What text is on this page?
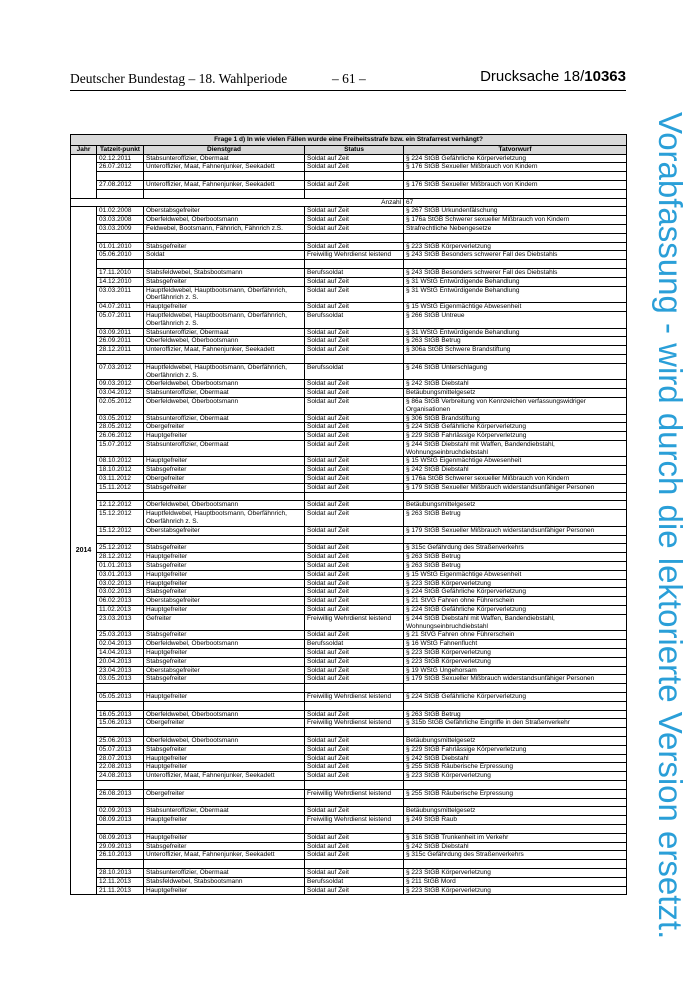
Deutscher Bundestag – 18. Wahlperiode	– 61 –	Drucksache 18/10363
Vorabfassung - wird durch die lektorierte Version ersetzt.
Frage 1 d) In wie vielen Fällen wurde eine Freiheitsstrafe bzw. ein Strafarrest verhängt?				
Jahr	Tatzeit-punkt	Dienstgrad	Status	Tatvorwurf
	02.12.2011	Stabsunteroffizier, Obermaat	Soldat auf Zeit	§ 224 StGB Gefährliche Körperverletzung
	26.07.2012	Unteroffizier, Maat, Fahnenjunker, Seekadett	Soldat auf Zeit	§ 176 StGB Sexueller Mißbrauch von Kindern

	27.08.2012	Unteroffizier, Maat, Fahnenjunker, Seekadett	Soldat auf Zeit	§ 176 StGB Sexueller Mißbrauch von Kindern

Anzahl				67
2014	01.02.2008	Oberstabsgefreiter	Soldat auf Zeit	§ 267 StGB Urkundenfälschung
	03.03.2008	Oberfeldwebel, Oberbootsmann	Soldat auf Zeit	§ 176a StGB Schwerer sexueller Mißbrauch von Kindern
	03.03.2009	Feldwebel, Bootsmann, Fähnrich, Fähnrich z.S.	Soldat auf Zeit	Strafrechtliche Nebengesetze

	01.01.2010	Stabsgefreiter	Soldat auf Zeit	§ 223 StGB Körperverletzung
	05.06.2010	Soldat	Freiwillig Wehrdienst leistend	§ 243 StGB Besonders schwerer Fall des Diebstahls

	17.11.2010	Stabsfeldwebel, Stabsbootsmann	Berufssoldat	§ 243 StGB Besonders schwerer Fall des Diebstahls
	14.12.2010	Stabsgefreiter	Soldat auf Zeit	§ 31 WStG Entwürdigende Behandlung
	03.03.2011	Hauptfeldwebel, Hauptbootsmann, Oberfähnrich, Oberfähnrich z. S.	Soldat auf Zeit	§ 31 WStG Entwürdigende Behandlung
	04.07.2011	Hauptgefreiter	Soldat auf Zeit	§ 15 WStG Eigenmächtige Abwesenheit
	05.07.2011	Hauptfeldwebel, Hauptbootsmann, Oberfähnrich, Oberfähnrich z. S.	Berufssoldat	§ 266 StGB Untreue
	03.09.2011	Stabsunteroffizier, Obermaat	Soldat auf Zeit	§ 31 WStG Entwürdigende Behandlung
	26.09.2011	Oberfeldwebel, Oberbootsmann	Soldat auf Zeit	§ 263 StGB Betrug
	28.12.2011	Unteroffizier, Maat, Fahnenjunker, Seekadett	Soldat auf Zeit	§ 306a StGB Schwere Brandstiftung

	07.03.2012	Hauptfeldwebel, Hauptbootsmann, Oberfähnrich, Oberfähnrich z. S.	Berufssoldat	§ 246 StGB Unterschlagung
	09.03.2012	Oberfeldwebel, Oberbootsmann	Soldat auf Zeit	§ 242 StGB Diebstahl
	03.04.2012	Stabsunteroffizier, Obermaat	Soldat auf Zeit	Betäubungsmittelgesetz
	02.05.2012	Oberfeldwebel, Oberbootsmann	Soldat auf Zeit	§ 86a StGB Verbreitung von Kennzeichen verfassungswidriger Organisationen
	03.05.2012	Stabsunteroffizier, Obermaat	Soldat auf Zeit	§ 306 StGB Brandstiftung
	28.05.2012	Obergefreiter	Soldat auf Zeit	§ 224 StGB Gefährliche Körperverletzung
	26.06.2012	Hauptgefreiter	Soldat auf Zeit	§ 229 StGB Fahrlässige Körperverletzung
	15.07.2012	Stabsunteroffizier, Obermaat	Soldat auf Zeit	§ 244 StGB Diebstahl mit Waffen, Bandendiebstahl, Wohnungseinbruchdiebstahl
	08.10.2012	Hauptgefreiter	Soldat auf Zeit	§ 15 WStG Eigenmächtige Abwesenheit
	18.10.2012	Stabsgefreiter	Soldat auf Zeit	§ 242 StGB Diebstahl
	03.11.2012	Obergefreiter	Soldat auf Zeit	§ 176a StGB Schwerer sexueller Mißbrauch von Kindern
	15.11.2012	Stabsgefreiter	Soldat auf Zeit	§ 179 StGB Sexueller Mißbrauch widerstandsunfähiger Personen

	12.12.2012	Oberfeldwebel, Oberbootsmann	Soldat auf Zeit	Betäubungsmittelgesetz
	15.12.2012	Hauptfeldwebel, Hauptbootsmann, Oberfähnrich, Oberfähnrich z. S.	Soldat auf Zeit	§ 263 StGB Betrug
	15.12.2012	Oberstabsgefreiter	Soldat auf Zeit	§ 179 StGB Sexueller Mißbrauch widerstandsunfähiger Personen

	25.12.2012	Stabsgefreiter	Soldat auf Zeit	§ 315c Gefährdung des Straßenverkehrs
	28.12.2012	Hauptgefreiter	Soldat auf Zeit	§ 263 StGB Betrug
	01.01.2013	Stabsgefreiter	Soldat auf Zeit	§ 263 StGB Betrug
	03.01.2013	Hauptgefreiter	Soldat auf Zeit	§ 15 WStG Eigenmächtige Abwesenheit
	03.02.2013	Hauptgefreiter	Soldat auf Zeit	§ 223 StGB Körperverletzung
	03.02.2013	Stabsgefreiter	Soldat auf Zeit	§ 224 StGB Gefährliche Körperverletzung
	06.02.2013	Oberstabsgefreiter	Soldat auf Zeit	§ 21 StVG Fahren ohne Führerschein
	11.02.2013	Hauptgefreiter	Soldat auf Zeit	§ 224 StGB Gefährliche Körperverletzung
	23.03.2013	Gefreiter	Freiwillig Wehrdienst leistend	§ 244 StGB Diebstahl mit Waffen, Bandendiebstahl, Wohnungseinbruchdiebstahl
	25.03.2013	Stabsgefreiter	Soldat auf Zeit	§ 21 StVG Fahren ohne Führerschein
	02.04.2013	Oberfeldwebel, Oberbootsmann	Berufssoldat	§ 16 WStG Fahnenflucht
	14.04.2013	Hauptgefreiter	Soldat auf Zeit	§ 223 StGB Körperverletzung
	20.04.2013	Stabsgefreiter	Soldat auf Zeit	§ 223 StGB Körperverletzung
	23.04.2013	Oberstabsgefreiter	Soldat auf Zeit	§ 19 WStG Ungehorsam
	03.05.2013	Stabsgefreiter	Soldat auf Zeit	§ 179 StGB Sexueller Mißbrauch widerstandsunfähiger Personen

	05.05.2013	Hauptgefreiter	Freiwillig Wehrdienst leistend	§ 224 StGB Gefährliche Körperverletzung

	16.05.2013	Oberfeldwebel, Oberbootsmann	Soldat auf Zeit	§ 263 StGB Betrug
	15.06.2013	Obergefreiter	Freiwillig Wehrdienst leistend	§ 315b StGB Gefährliche Eingriffe in den Straßenverkehr

	25.06.2013	Oberfeldwebel, Oberbootsmann	Soldat auf Zeit	Betäubungsmittelgesetz
	05.07.2013	Stabsgefreiter	Soldat auf Zeit	§ 229 StGB Fahrlässige Körperverletzung
	28.07.2013	Hauptgefreiter	Soldat auf Zeit	§ 242 StGB Diebstahl
	22.08.2013	Hauptgefreiter	Soldat auf Zeit	§ 255 StGB Räuberische Erpressung
	24.08.2013	Unteroffizier, Maat, Fahnenjunker, Seekadett	Soldat auf Zeit	§ 223 StGB Körperverletzung

	26.08.2013	Obergefreiter	Freiwillig Wehrdienst leistend	§ 255 StGB Räuberische Erpressung

	02.09.2013	Stabsunteroffizier, Obermaat	Soldat auf Zeit	Betäubungsmittelgesetz
	08.09.2013	Hauptgefreiter	Freiwillig Wehrdienst leistend	§ 249 StGB Raub

	08.09.2013	Hauptgefreiter	Soldat auf Zeit	§ 316 StGB Trunkenheit im Verkehr
	29.09.2013	Stabsgefreiter	Soldat auf Zeit	§ 242 StGB Diebstahl
	26.10.2013	Unteroffizier, Maat, Fahnenjunker, Seekadett	Soldat auf Zeit	§ 315c Gefährdung des Straßenverkehrs

	28.10.2013	Stabsunteroffizier, Obermaat	Soldat auf Zeit	§ 223 StGB Körperverletzung
	12.11.2013	Stabsfeldwebel, Stabsbootsmann	Berufssoldat	§ 211 StGB Mord
	21.11.2013	Hauptgefreiter	Soldat auf Zeit	§ 223 StGB Körperverletzung
